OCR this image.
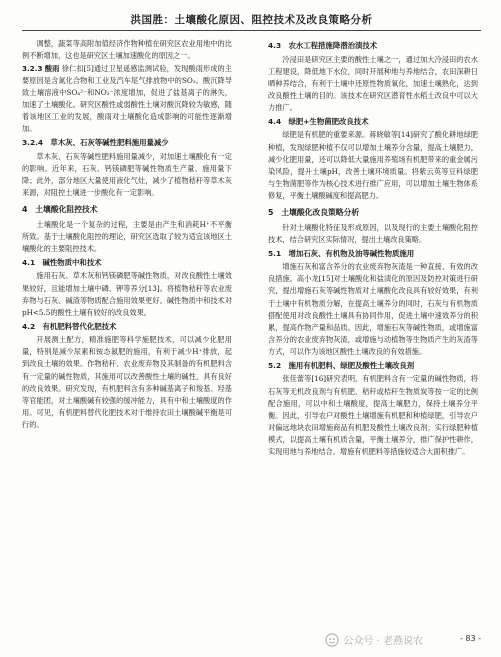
洪国胜：土壤酸化原因、阻控技术及改良策略分析

调整，蔬菜等高附加值经济作物种植在研究区农业用地中的比例不断增加，这也是研究区土壤加速酸化的原因之一。

3.2.3 酸雨 徐仁扣[5]通过卫星遥感监测试验，发现酸雨形成的主要原因是含氮化合物和工业及汽车尾气排放物中的SO₂。酸沉降导致土壤溶液中SO₄²⁻和NO₃⁻浓度增加，促进了盐基离子的淋失，加速了土壤酸化。研究区酸性或弱酸性土壤对酸沉降较为敏感，随着该地区工业的发展，酸雨对土壤酸化造成影响的可能性逐渐增加。

3.2.4　草木灰、石灰等碱性肥料施用量减少

草木灰、石灰等碱性肥料施用量减少，对加速土壤酸化有一定的影响。近年来，石灰、钙镁磷肥等碱性物质生产量、施用量下降；此外，部分地区大量使用液化气灶，减少了植物秸秆等草木灰来源，对阻控土壤进一步酸化有一定影响。

4　土壤酸化阻控技术

土壤酸化是一个复杂的过程，主要是由产生和消耗H⁺不平衡所致。基于土壤酸化阻控的理论，研究区选取了较为适宜该地区土壤酸化的主要阻控技术。

4.1　碱性物质中和技术

施用石灰、草木灰和钙镁磷肥等碱性物质，对改良酸性土壤效果较好，且能增加土壤中磷、钾等养分[13]。将植物秸秆等农业废弃物与石灰、碱渣等物质配合施用效果更好。碱性物质中和技术对pH<5.5的酸性土壤有较好的改良效果。

4.2　有机肥料替代化肥技术

开展测土配方，精准施肥等科学施肥技术，可以减少化肥用量，特别是减少尿素和铵态氮肥的施用，有利于减少H⁺排放，起到改良土壤的效果。作物秸秆、农业废弃物及其制备的有机肥料含有一定量的碱性物质，其施用可以改善酸性土壤的碱性，具有良好的改良效果。研究发现，有机肥料含有多种碱基离子和羧基、羟基等官能团，对土壤酸碱有较强的缓冲能力，具有中和土壤酸度的作用。可见，有机肥料替代化肥技术对于维持农田土壤酸碱平衡是可行的。

4.3　农水工程措施降潜治渍技术

冷浸田是研究区主要的酸性土壤之一，通过加大冷浸田的农水工程建设，降低地下水位，同时开展种地与养地结合，农田深耕日晒种养结合，有利于土壤中还原性物质氧化，加速土壤熟化，达到改良酸性土壤的目的。该技术在研究区潜育性水稻土改良中可以大力推广。

4.4　绿肥+生物菌肥改良技术

绿肥是有机肥的重要来源。蒋晓敏等[14]研究了酸化耕地绿肥种植，发现绿肥种植不仅可以增加土壤养分含量，提高土壤肥力，减少化肥用量，还可以降低大量施用养殖场有机肥带来的重金属污染风险，提升土壤pH，改善土壤环境质量。将紫云英等豆科绿肥与生物菌肥等作为核心技术进行推广应用，可以增加土壤生物体系修复，平衡土壤酸碱度和提高肥力。

5　土壤酸化改良策略分析

针对土壤酸化特征及形成原因，以及现行的主要土壤酸化阻控技术，结合研究区实际情况，提出土壤改良策略。

5.1　增加石灰、有机物及油等碱性物质施用

增施石灰和富含养分的农业废弃物灰渣是一种直接、有效的改良措施。高小龙[15]对土壤酸化和盐渍化的原因及防控对策进行研究，提出增施石灰等碱性物质对土壤酸化改良具有较好效果，有利于土壤中有机物质分解，在提高土壤养分的同时，石灰与有机物质搭配使用对改良酸性土壤具有协同作用，促进土壤中速效养分的积累，提高作物产量和品质。因此，增施石灰等碱性物质，或增施富含养分的农业废弃物灰渣，或增施与动植物等生物质产生的灰渣等方式，可以作为该地区酸性土壤改良的有效措施。

5.2　施用有机肥料、绿肥及酸性土壤改良剂

张佳蕾等[16]研究表明，有机肥料含有一定量的碱性物质，将石灰等无机改良剂与有机肥、秸秆或桔秆生物质炭等按一定的比例配合施用，可以中和土壤酸度，提高土壤肥力，保持土壤养分平衡。因此，引导农户对酸性土壤增施有机肥和种植绿肥，引导农户对偏远地块农田增施商品有机肥及酸性土壤改良剂；实行绿肥种植模式，以提高土壤有机质含量，平衡土壤养分，推广保护性耕作，实现用地与养地结合。增施有机肥料等措施较适合大面积推广。

公众号 · 老燕说农	- 83 -
